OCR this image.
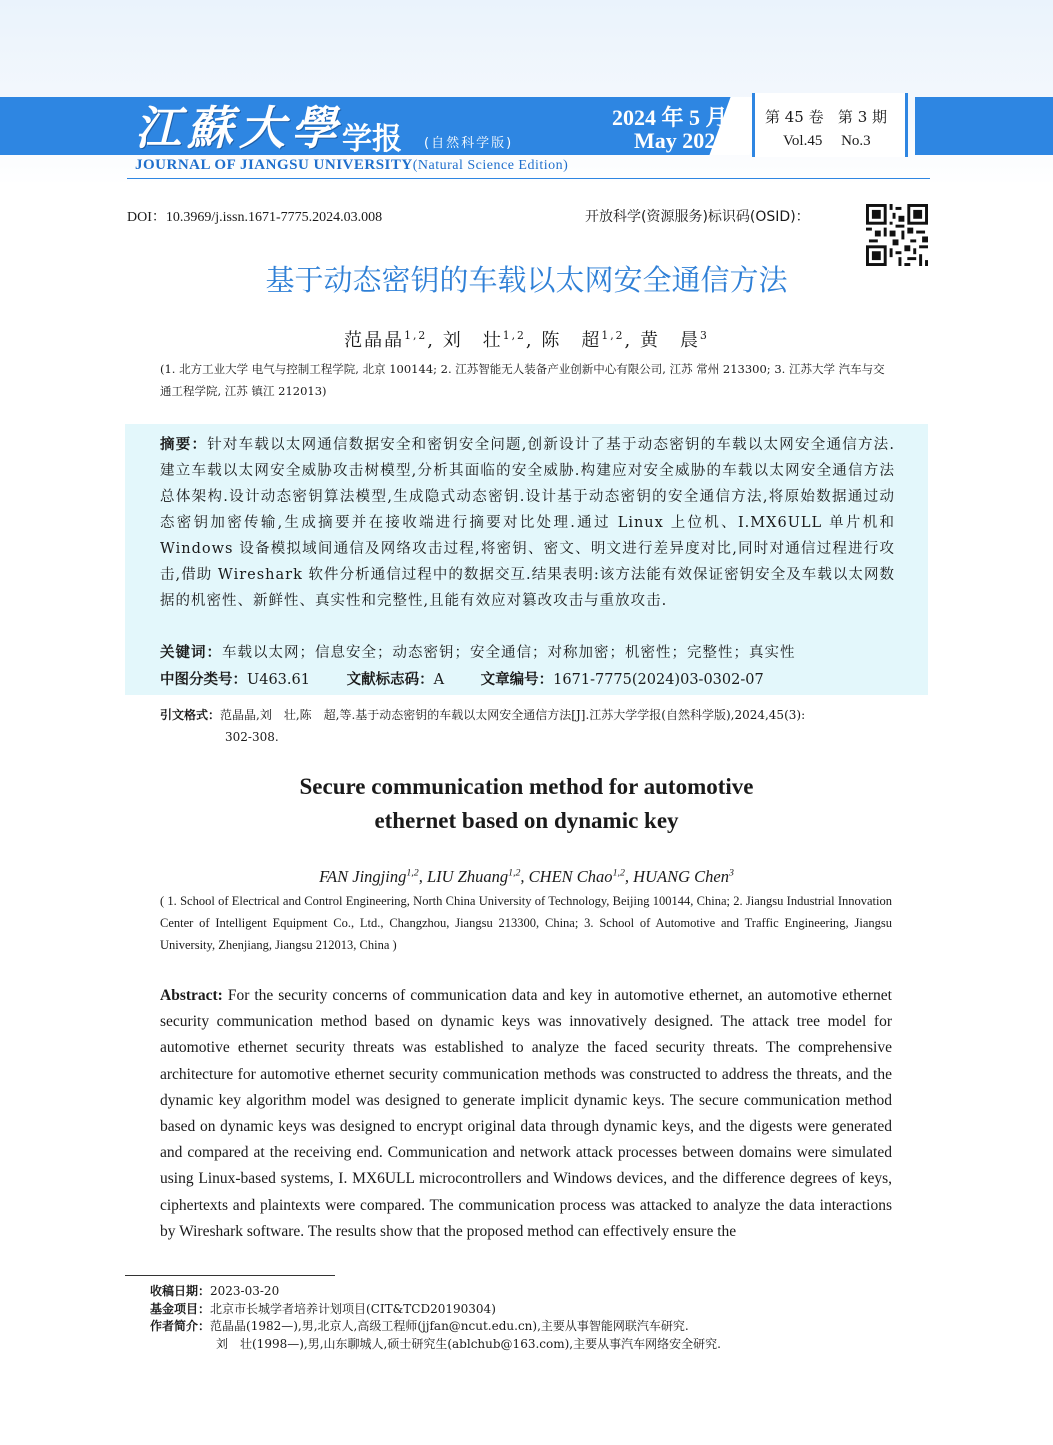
江蘇大學 学报 (自然科学版)
JOURNAL OF JIANGSU UNIVERSITY(Natural Science Edition)
2024 年 5 月
May 2024
第 45 卷   第 3 期
Vol.45     No.3
DOI：10.3969/j.issn.1671-7775.2024.03.008	开放科学(资源服务)标识码(OSID)：
基于动态密钥的车载以太网安全通信方法
范晶晶$^{1,2}$, 刘　壮$^{1,2}$, 陈　超$^{1,2}$, 黄　晨$^3$
(1. 北方工业大学 电气与控制工程学院, 北京 100144; 2. 江苏智能无人装备产业创新中心有限公司, 江苏 常州 213300; 3. 江苏大学 汽车与交通工程学院, 江苏 镇江 212013)
摘要：针对车载以太网通信数据安全和密钥安全问题,创新设计了基于动态密钥的车载以太网安全通信方法.建立车载以太网安全威胁攻击树模型,分析其面临的安全威胁.构建应对安全威胁的车载以太网安全通信方法总体架构.设计动态密钥算法模型,生成隐式动态密钥.设计基于动态密钥的安全通信方法,将原始数据通过动态密钥加密传输,生成摘要并在接收端进行摘要对比处理.通过 Linux 上位机、I.MX6ULL 单片机和 Windows 设备模拟域间通信及网络攻击过程,将密钥、密文、明文进行差异度对比,同时对通信过程进行攻击,借助 Wireshark 软件分析通信过程中的数据交互.结果表明:该方法能有效保证密钥安全及车载以太网数据的机密性、新鲜性、真实性和完整性,且能有效应对篡改攻击与重放攻击.
关键词：车载以太网；信息安全；动态密钥；安全通信；对称加密；机密性；完整性；真实性
中图分类号：U463.61	文献标志码：A	文章编号：1671-7775(2024)03-0302-07
引文格式：范晶晶,刘　壮,陈　超,等.基于动态密钥的车载以太网安全通信方法[J].江苏大学学报(自然科学版),2024,45(3):
302-308.
Secure communication method for automotive
ethernet based on dynamic key
FAN Jingjing$^{1,2}$, LIU Zhuang$^{1,2}$, CHEN Chao$^{1,2}$, HUANG Chen$^3$
( 1. School of Electrical and Control Engineering, North China University of Technology, Beijing 100144, China; 2. Jiangsu Industrial Innovation Center of Intelligent Equipment Co., Ltd., Changzhou, Jiangsu 213300, China; 3. School of Automotive and Traffic Engineering, Jiangsu University, Zhenjiang, Jiangsu 212013, China )
Abstract: For the security concerns of communication data and key in automotive ethernet, an automotive ethernet security communication method based on dynamic keys was innovatively designed. The attack tree model for automotive ethernet security threats was established to analyze the faced security threats. The comprehensive architecture for automotive ethernet security communication methods was constructed to address the threats, and the dynamic key algorithm model was designed to generate implicit dynamic keys. The secure communication method based on dynamic keys was designed to encrypt original data through dynamic keys, and the digests were generated and compared at the receiving end. Communication and network attack processes between domains were simulated using Linux-based systems, I. MX6ULL microcontrollers and Windows devices, and the difference degrees of keys, ciphertexts and plaintexts were compared. The communication process was attacked to analyze the data interactions by Wireshark software. The results show that the proposed method can effectively ensure the
收稿日期：2023-03-20
基金项目：北京市长城学者培养计划项目(CIT&TCD20190304)
作者简介：范晶晶(1982—),男,北京人,高级工程师(jjfan@ncut.edu.cn),主要从事智能网联汽车研究.
刘　壮(1998—),男,山东聊城人,硕士研究生(ablchub@163.com),主要从事汽车网络安全研究.
